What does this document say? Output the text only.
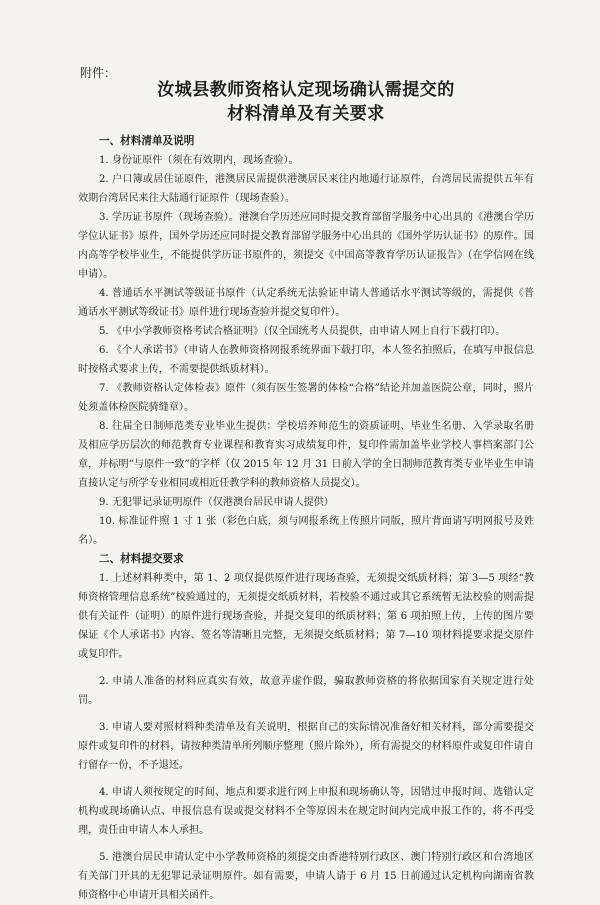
附件：
汝城县教师资格认定现场确认需提交的
材料清单及有关要求
一、材料清单及说明
1. 身份证原件（须在有效期内，现场查验）。
2. 户口簿或居住证原件，港澳居民需提供港澳居民来往内地通行证原件，台湾居民需提供五年有效期台湾居民来往大陆通行证原件（现场查验）。
3. 学历证书原件（现场查验）。港澳台学历还应同时提交教育部留学服务中心出具的《港澳台学历学位认证书》原件，国外学历还应同时提交教育部留学服务中心出具的《国外学历认证书》的原件。国内高等学校毕业生，不能提供学历证书原件的，须提交《中国高等教育学历认证报告》（在学信网在线申请）。
4. 普通话水平测试等级证书原件（认定系统无法验证申请人普通话水平测试等级的，需提供《普通话水平测试等级证书》原件进行现场查验并提交复印件）。
5. 《中小学教师资格考试合格证明》（仅全国统考人员提供，由申请人网上自行下载打印）。
6. 《个人承诺书》（申请人在教师资格网报系统界面下载打印，本人签名拍照后，在填写申报信息时按格式要求上传，不需要提供纸质材料）。
7. 《教师资格认定体检表》原件（须有医生签署的体检“合格”结论并加盖医院公章，同时，照片处须盖体检医院骑缝章）。
8. 往届全日制师范类专业毕业生提供：学校培养师范生的资质证明、毕业生名册、入学录取名册及相应学历层次的师范教育专业课程和教育实习成绩复印件，复印件需加盖毕业学校人事档案部门公章，并标明“与原件一致”的字样（仅 2015 年 12 月 31 日前入学的全日制师范教育类专业毕业生申请直接认定与所学专业相同或相近任教学科的教师资格人员提交）。
9. 无犯罪记录证明原件（仅港澳台居民申请人提供）
10. 标准证件照 1 寸 1 张（彩色白底，须与网报系统上传照片同版，照片背面请写明网报号及姓名）。
二、材料提交要求
1. 上述材料种类中，第 1、2 项仅提供原件进行现场查验，无须提交纸质材料；第 3—5 项经“教师资格管理信息系统”校验通过的，无须提交纸质材料，若校验不通过或其它系统暂无法校验的则需提供有关证件（证明）的原件进行现场查验，并提交复印的纸质材料；第 6 项拍照上传，上传的图片要保证《个人承诺书》内容、签名等清晰且完整，无须提交纸质材料；第 7—10 项材料提要求提交原件或复印件。
2. 申请人准备的材料应真实有效，故意弄虚作假，骗取教师资格的将依据国家有关规定进行处罚。
3. 申请人要对照材料种类清单及有关说明，根据自己的实际情况准备好相关材料，部分需要提交原件或复印件的材料，请按种类清单所列顺序整理（照片除外），所有需提交的材料原件或复印件请自行留存一份，不予退还。
4. 申请人须按规定的时间、地点和要求进行网上申报和现场确认等，因错过申报时间、选错认定机构或现场确认点、申报信息有误或提交材料不全等原因未在规定时间内完成申报工作的，将不再受理，责任由申请人本人承担。
5. 港澳台居民申请认定中小学教师资格的须提交由香港特别行政区、澳门特别行政区和台湾地区有关部门开具的无犯罪记录证明原件。如有需要，申请人请于 6 月 15 日前通过认定机构向湖南省教师资格中心申请开具相关函件。
